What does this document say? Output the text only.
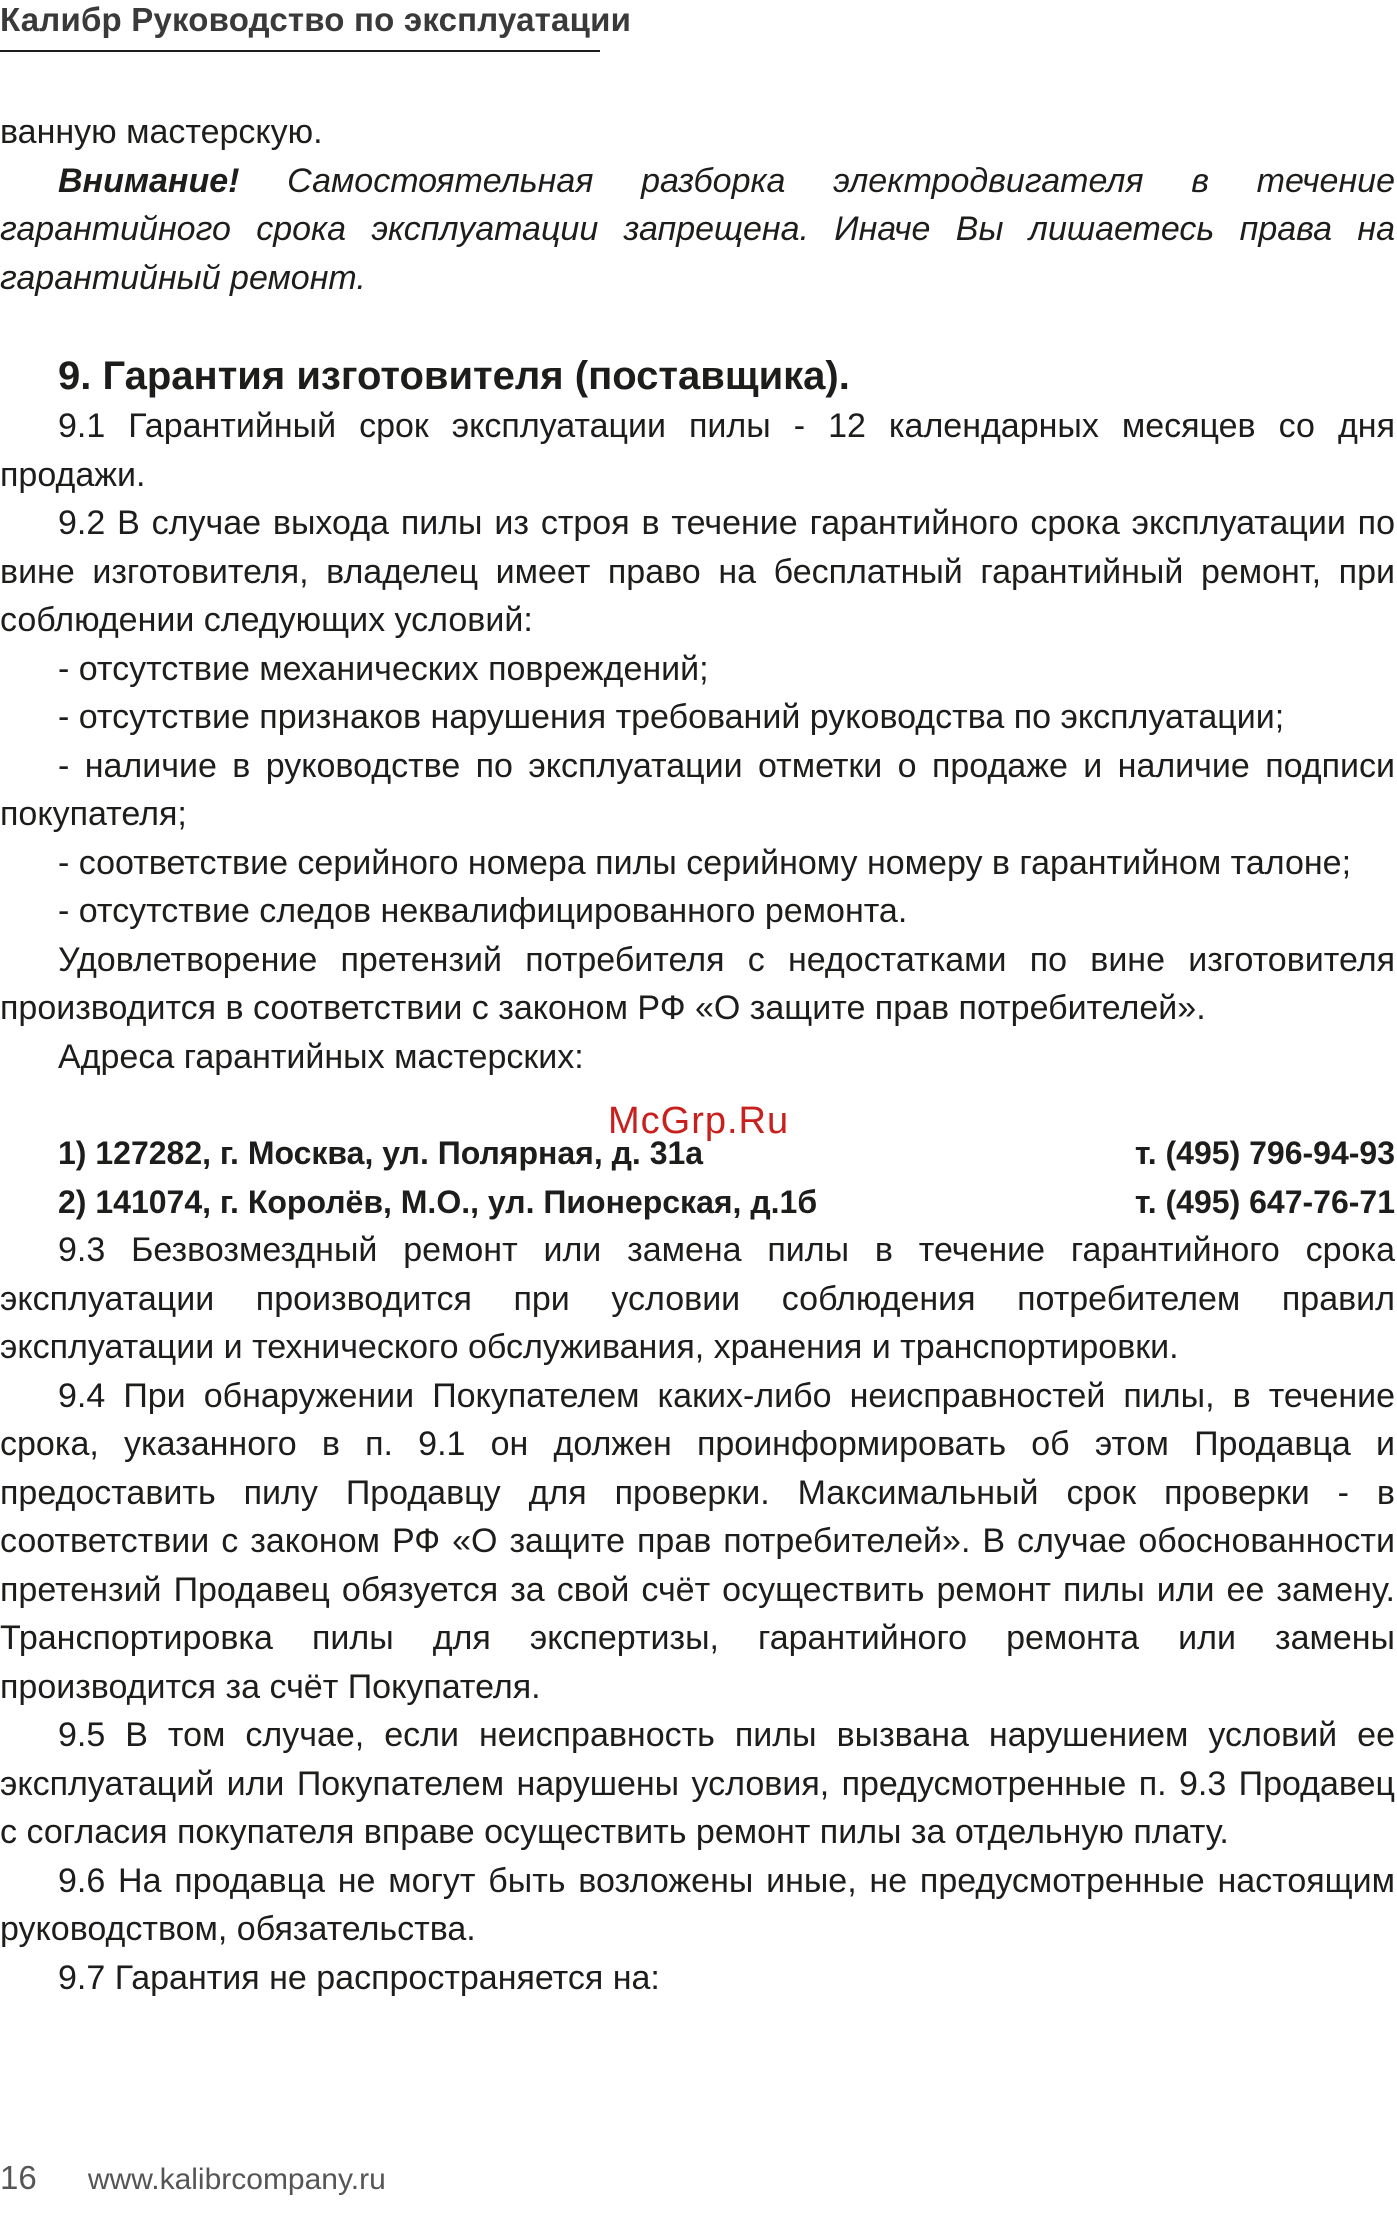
Калибр Руководство по эксплуатации

ванную мастерскую.

Внимание! Самостоятельная разборка электродвигателя в течение гарантийного срока эксплуатации запрещена. Иначе Вы лишаетесь права на гарантийный ремонт.

9. Гарантия изготовителя (поставщика).

9.1 Гарантийный срок эксплуатации пилы - 12 календарных месяцев со дня продажи.

9.2 В случае выхода пилы из строя в течение гарантийного срока эксплуатации по вине изготовителя, владелец имеет право на бесплатный гарантийный ремонт, при соблюдении следующих условий:

- отсутствие механических повреждений;

- отсутствие признаков нарушения требований руководства по эксплуатации;

- наличие в руководстве по эксплуатации отметки о продаже и наличие подписи покупателя;

- соответствие серийного номера пилы серийному номеру в гарантийном талоне;

- отсутствие следов неквалифицированного ремонта.

Удовлетворение претензий потребителя с недостатками по вине изготовителя производится в соответствии с законом РФ «О защите прав потребителей».

Адреса гарантийных мастерских:

1) 127282, г. Москва, ул. Полярная, д. 31а	т. (495) 796-94-93
2) 141074, г. Королёв, М.О., ул. Пионерская, д.1б	т. (495) 647-76-71

9.3 Безвозмездный ремонт или замена пилы в течение гарантийного срока эксплуатации производится при условии соблюдения потребителем правил эксплуатации и технического обслуживания, хранения и транспортировки.

9.4 При обнаружении Покупателем каких-либо неисправностей пилы, в течение срока, указанного в п. 9.1 он должен проинформировать об этом Продавца и предоставить пилу Продавцу для проверки. Максимальный срок проверки - в соответствии с законом РФ «О защите прав потребителей». В случае обоснованности претензий Продавец обязуется за свой счёт осуществить ремонт пилы или ее замену. Транспортировка пилы для экспертизы, гарантийного ремонта или замены производится за счёт Покупателя.

9.5 В том случае, если неисправность пилы вызвана нарушением условий ее эксплуатаций или Покупателем нарушены условия, предусмотренные п. 9.3 Продавец с согласия покупателя вправе осуществить ремонт пилы за отдельную плату.

9.6 На продавца не могут быть возложены иные, не предусмотренные настоящим руководством, обязательства.

9.7 Гарантия не распространяется на:

McGrp.Ru
16 www.kalibrcompany.ru
